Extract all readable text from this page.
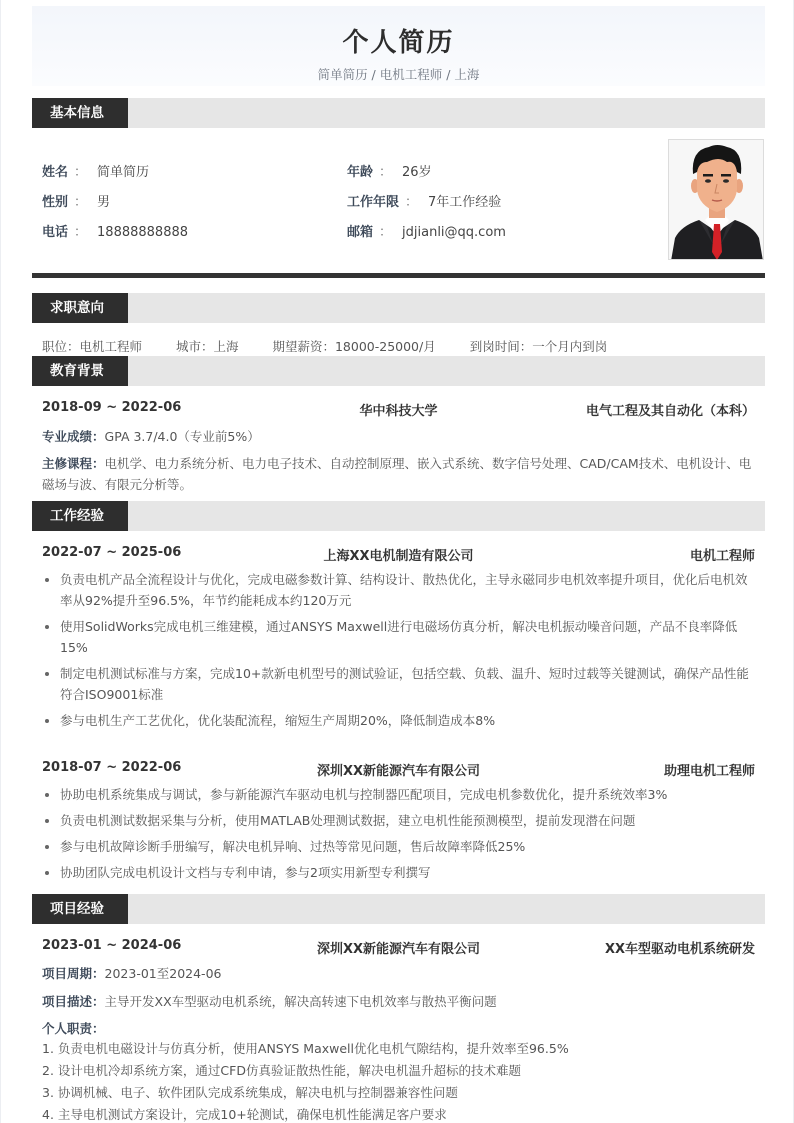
个人简历
简单简历 / 电机工程师 / 上海
基本信息
姓名 ： 简单简历
性别 ： 男
电话 ： 18888888888
年龄 ： 26岁
工作年限 ： 7年工作经验
邮箱 ： jdjianli@qq.com
求职意向
职位：电机工程师	城市：上海	期望薪资：18000-25000/月	到岗时间：一个月内到岗
教育背景
2018-09 ~ 2022-06	华中科技大学	电气工程及其自动化（本科）
专业成绩：GPA 3.7/4.0（专业前5%）
主修课程：电机学、电力系统分析、电力电子技术、自动控制原理、嵌入式系统、数字信号处理、CAD/CAM技术、电机设计、电磁场与波、有限元分析等。
工作经验
2022-07 ~ 2025-06	上海XX电机制造有限公司	电机工程师
负责电机产品全流程设计与优化，完成电磁参数计算、结构设计、散热优化，主导永磁同步电机效率提升项目，优化后电机效率从92%提升至96.5%，年节约能耗成本约120万元
使用SolidWorks完成电机三维建模，通过ANSYS Maxwell进行电磁场仿真分析，解决电机振动噪音问题，产品不良率降低15%
制定电机测试标准与方案，完成10+款新电机型号的测试验证，包括空载、负载、温升、短时过载等关键测试，确保产品性能符合ISO9001标准
参与电机生产工艺优化，优化装配流程，缩短生产周期20%，降低制造成本8%
2018-07 ~ 2022-06	深圳XX新能源汽车有限公司	助理电机工程师
协助电机系统集成与调试，参与新能源汽车驱动电机与控制器匹配项目，完成电机参数优化，提升系统效率3%
负责电机测试数据采集与分析，使用MATLAB处理测试数据，建立电机性能预测模型，提前发现潜在问题
参与电机故障诊断手册编写，解决电机异响、过热等常见问题，售后故障率降低25%
协助团队完成电机设计文档与专利申请，参与2项实用新型专利撰写
项目经验
2023-01 ~ 2024-06	深圳XX新能源汽车有限公司	XX车型驱动电机系统研发
项目周期：2023-01至2024-06
项目描述：主导开发XX车型驱动电机系统，解决高转速下电机效率与散热平衡问题
个人职责：
1. 负责电机电磁设计与仿真分析，使用ANSYS Maxwell优化电机气隙结构，提升效率至96.5%
2. 设计电机冷却系统方案，通过CFD仿真验证散热性能，解决电机温升超标的技术难题
3. 协调机械、电子、软件团队完成系统集成，解决电机与控制器兼容性问题
4. 主导电机测试方案设计，完成10+轮测试，确保电机性能满足客户要求
